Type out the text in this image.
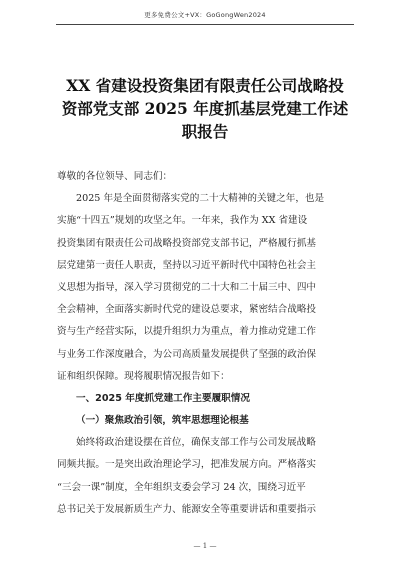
更多免费公文+VX：GoGongWen2024
XX 省建设投资集团有限责任公司战略投
资部党支部 2025 年度抓基层党建工作述
职报告
尊敬的各位领导、同志们：
2025 年是全面贯彻落实党的二十大精神的关键之年，也是
实施“十四五”规划的攻坚之年。一年来，我作为 XX 省建设
投资集团有限责任公司战略投资部党支部书记，严格履行抓基
层党建第一责任人职责，坚持以习近平新时代中国特色社会主
义思想为指导，深入学习贯彻党的二十大和二十届三中、四中
全会精神，全面落实新时代党的建设总要求，紧密结合战略投
资与生产经营实际，以提升组织力为重点，着力推动党建工作
与业务工作深度融合，为公司高质量发展提供了坚强的政治保
证和组织保障。现将履职情况报告如下：
一、2025 年度抓党建工作主要履职情况
（一）聚焦政治引领，筑牢思想理论根基
始终将政治建设摆在首位，确保支部工作与公司发展战略
同频共振。一是突出政治理论学习，把准发展方向。严格落实
“三会一课”制度，全年组织支委会学习 24 次，围绕习近平
总书记关于发展新质生产力、能源安全等重要讲话和重要指示
— 1 —
